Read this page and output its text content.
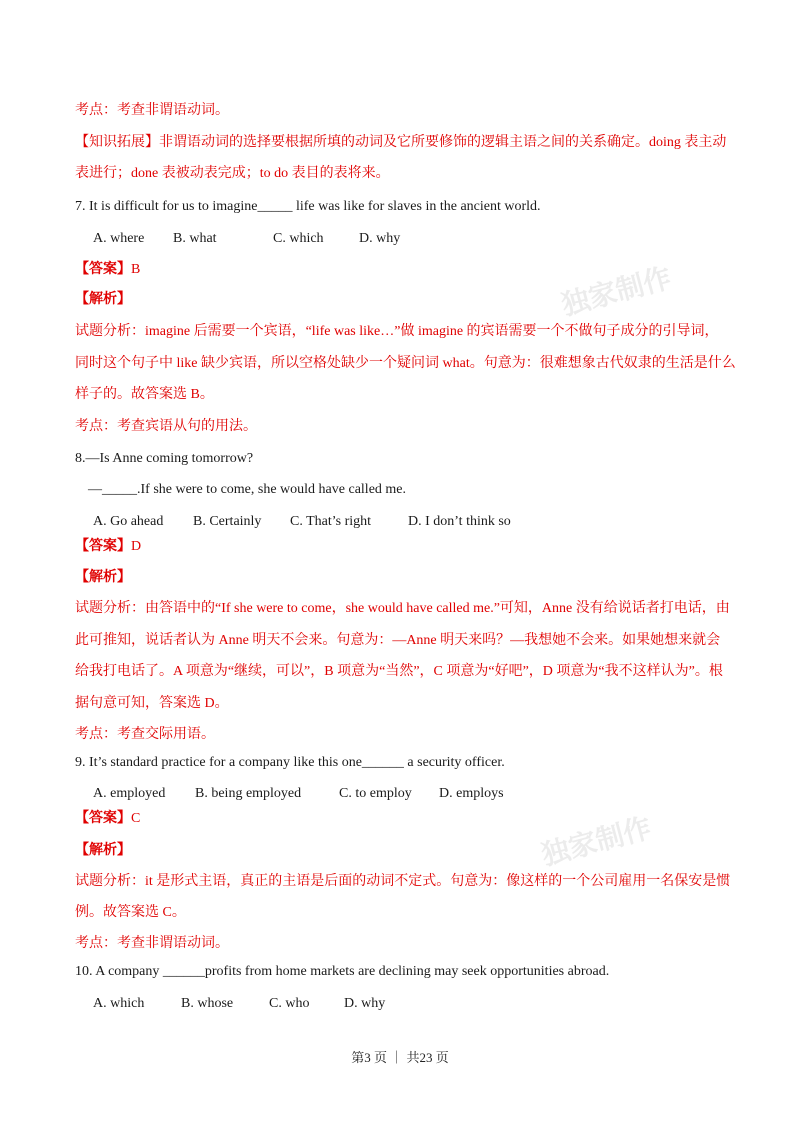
独家制作
独家制作
考点：考查非谓语动词。
【知识拓展】非谓语动词的选择要根据所填的动词及它所要修饰的逻辑主语之间的关系确定。doing 表主动
表进行；done 表被动表完成；to do 表目的表将来。
7. It is difficult for us to imagine_____ life was like for slaves in the ancient world.
A. where B. what	C. which	D. why
【答案】B
【解析】
试题分析：imagine 后需要一个宾语，“life was like…”做 imagine 的宾语需要一个不做句子成分的引导词，
同时这个句子中 like 缺少宾语，所以空格处缺少一个疑问词 what。句意为：很难想象古代奴隶的生活是什么
样子的。故答案选 B。
考点：考查宾语从句的用法。
8.—Is Anne coming tomorrow?
—_____.If she were to come, she would have called me.
A. Go ahead B. Certainly C. That’s right	D. I don’t think so
【答案】D
【解析】
试题分析：由答语中的“If she were to come，she would have called me.”可知，Anne 没有给说话者打电话，由
此可推知，说话者认为 Anne 明天不会来。句意为：—Anne 明天来吗？—我想她不会来。如果她想来就会
给我打电话了。A 项意为“继续，可以”，B 项意为“当然”，C 项意为“好吧”，D 项意为“我不这样认为”。根
据句意可知，答案选 D。
考点：考查交际用语。
9. It’s standard practice for a company like this one______ a security officer.
A. employed B. being employed	C. to employ D. employs
【答案】C
【解析】
试题分析：it 是形式主语，真正的主语是后面的动词不定式。句意为：像这样的一个公司雇用一名保安是惯
例。故答案选 C。
考点：考查非谓语动词。
10. A company ______profits from home markets are declining may seek opportunities abroad.
A. which	B. whose	C. who D. why
第3 页 ｜ 共23 页
